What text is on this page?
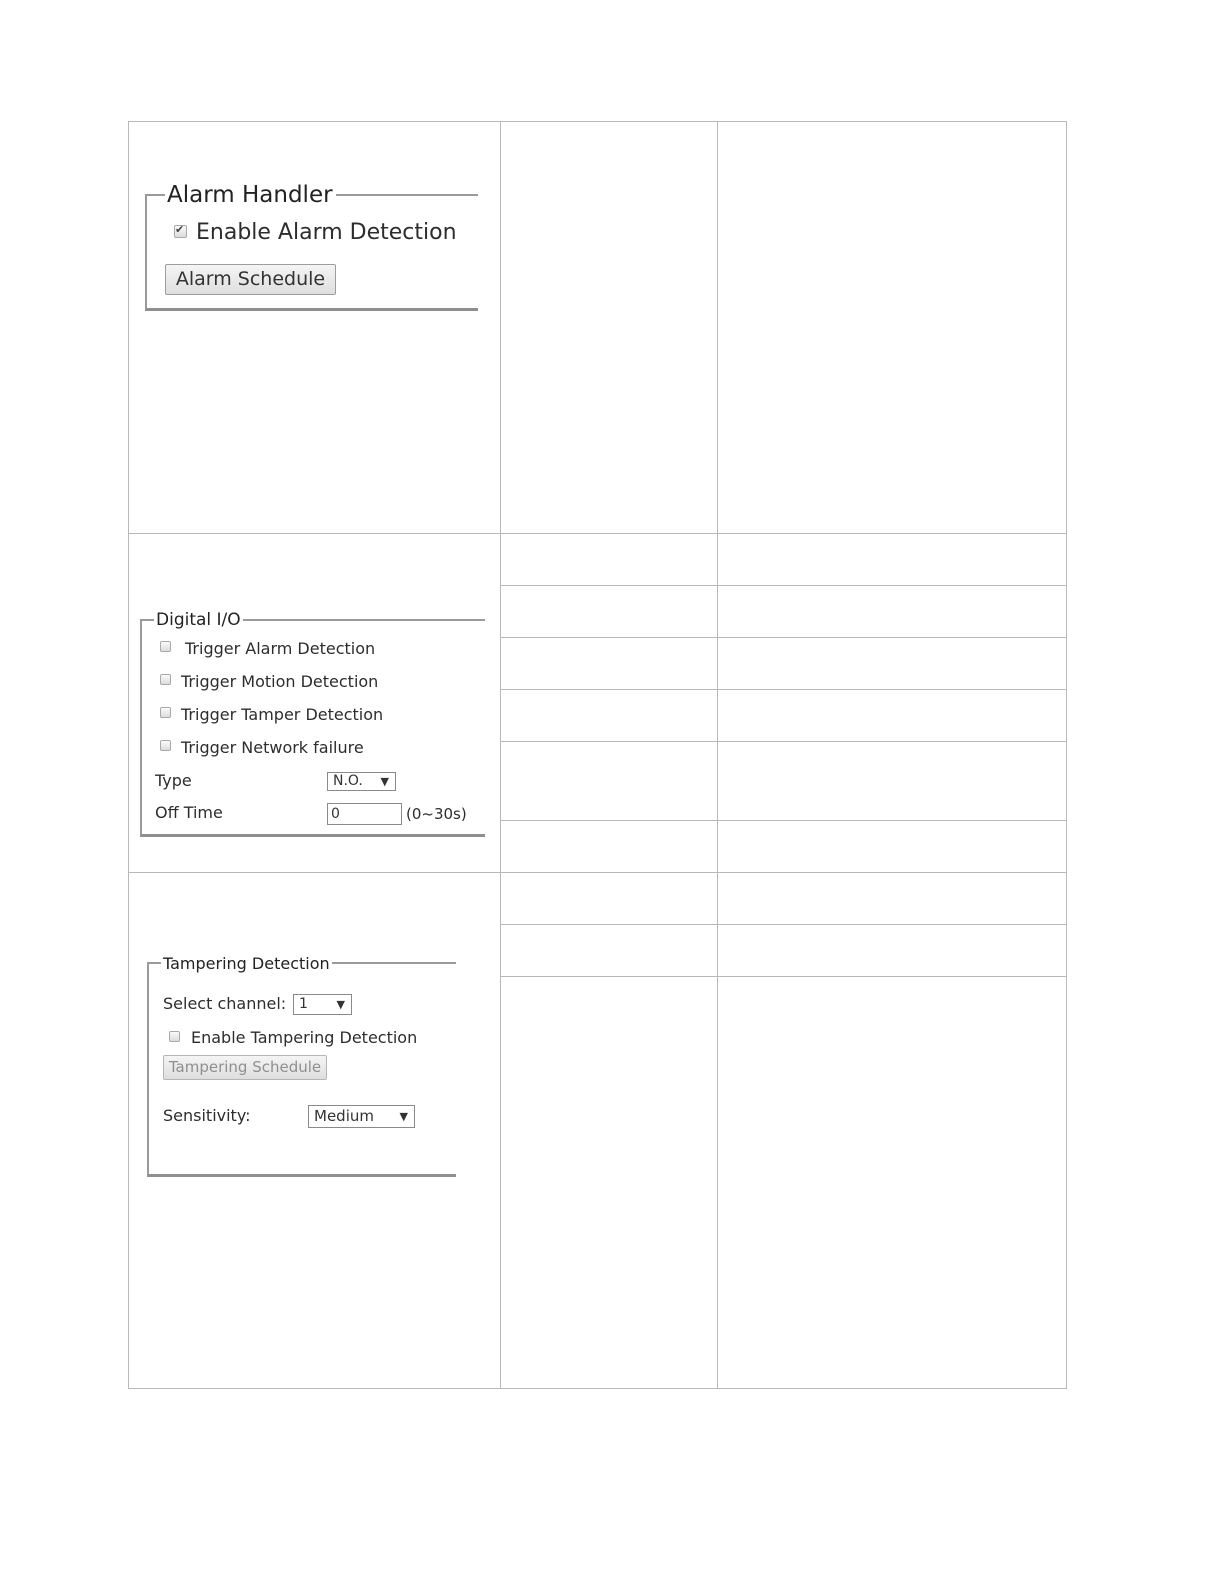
Alarm Handler
✔
Enable Alarm Detection
Alarm Schedule
Digital I/O
Trigger Alarm Detection
Trigger Motion Detection
Trigger Tamper Detection
Trigger Network failure
Type	N.O. ▼
Off Time	0	(0~30s)
Tampering Detection
Select channel: 1	▼
Enable Tampering Detection
Tampering Schedule
Sensitivity:	Medium ▼
